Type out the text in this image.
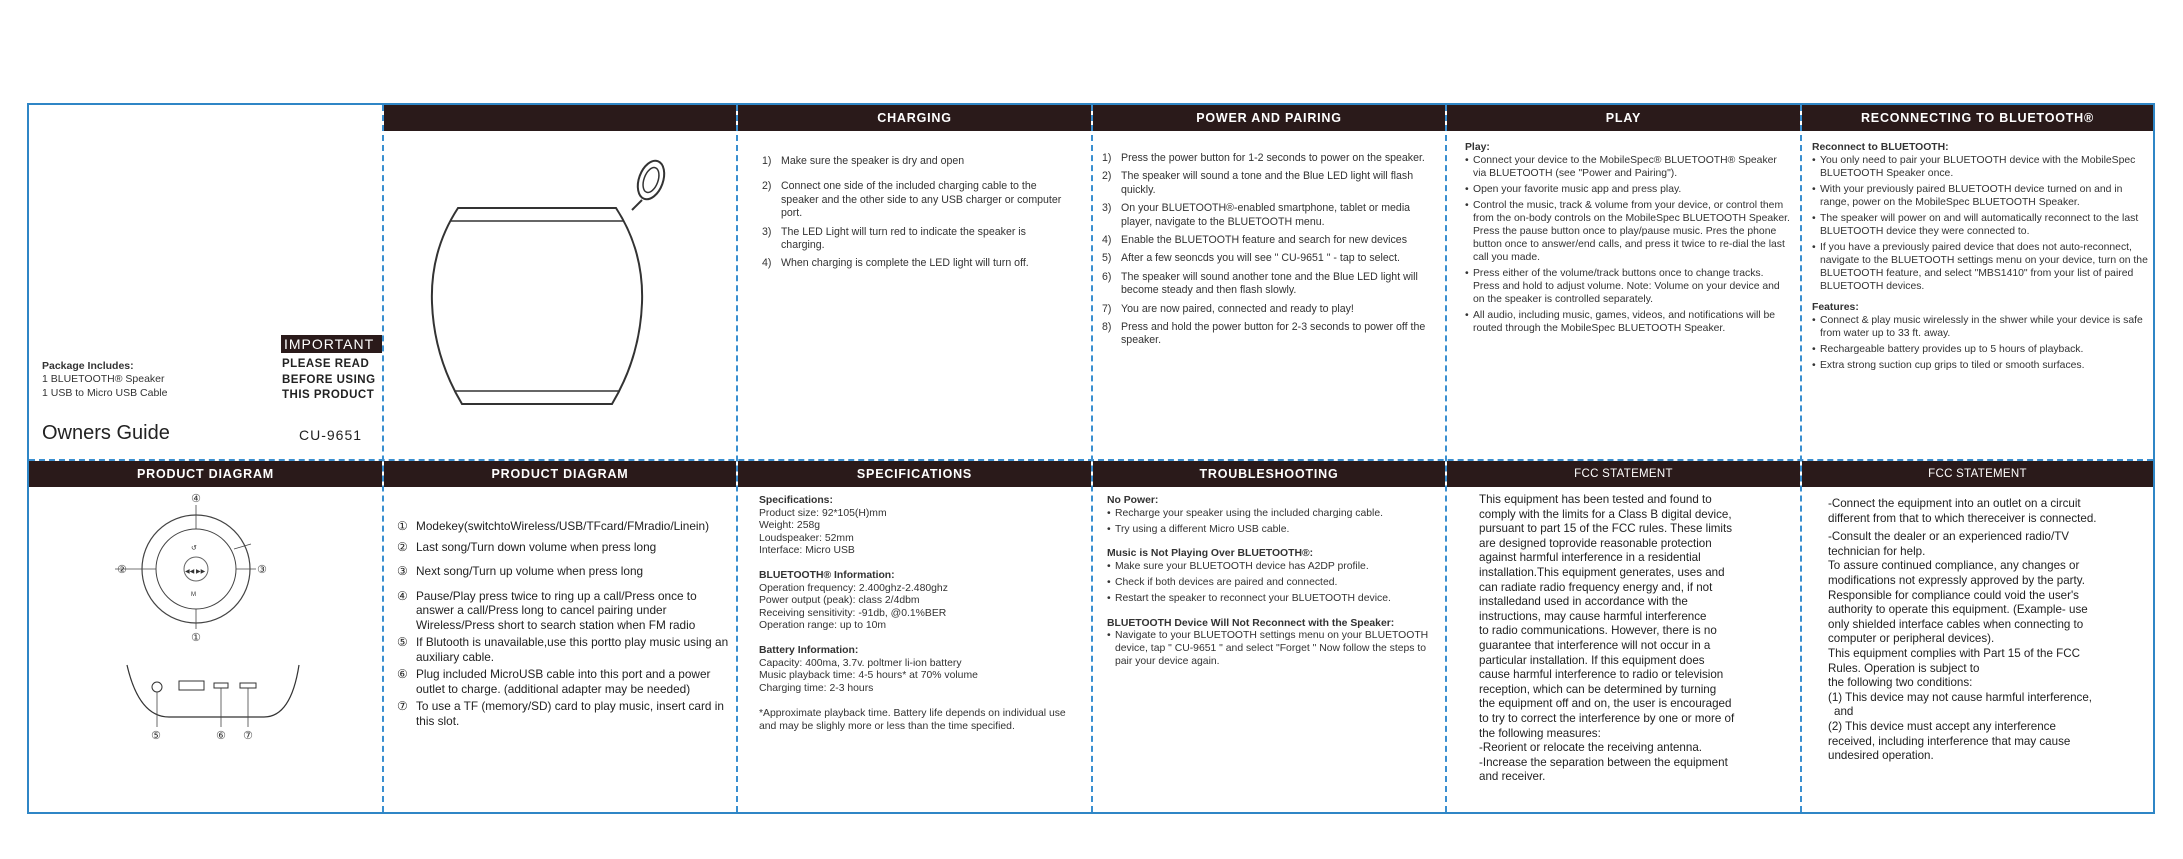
Package Includes:
1 BLUETOOTH® Speaker
1 USB to Micro USB Cable
IMPORTANT
PLEASE READ
BEFORE USING
THIS PRODUCT
Owners Guide	CU-9651
CHARGING
1) Make sure the speaker is dry and open
2) Connect one side of the included charging cable to the speaker and the other side to any USB charger or computer port.
3) The LED Light will turn red to indicate the speaker is charging.
4) When charging is complete the LED light will turn off.
POWER AND PAIRING
1) Press the power button for 1-2 seconds to power on the speaker.
2) The speaker will sound a tone and the Blue LED light will flash quickly.
3) On your BLUETOOTH®-enabled smartphone, tablet or media player, navigate to the BLUETOOTH menu.
4) Enable the BLUETOOTH feature and search for new devices
5) After a few seoncds you will see " CU-9651 " - tap to select.
6) The speaker will sound another tone and the Blue LED light will become steady and then flash slowly.
7) You are now paired, connected and ready to play!
8) Press and hold the power button for 2-3 seconds to power off the speaker.
PLAY
Play:
• Connect your device to the MobileSpec® BLUETOOTH® Speaker via BLUETOOTH (see "Power and Pairing").
• Open your favorite music app and press play.
• Control the music, track & volume from your device, or control them from the on-body controls on the MobileSpec BLUETOOTH Speaker. Press the pause button once to play/pause music. Pres the phone button once to answer/end calls, and press it twice to re-dial the last call you made.
• Press either of the volume/track buttons once to change tracks. Press and hold to adjust volume. Note: Volume on your device and on the speaker is controlled separately.
• All audio, including music, games, videos, and notifications will be routed through the MobileSpec BLUETOOTH Speaker.
RECONNECTING TO BLUETOOTH®
Reconnect to BLUETOOTH:
• You only need to pair your BLUETOOTH device with the MobileSpec BLUETOOTH Speaker once.
• With your previously paired BLUETOOTH device turned on and in range, power on the MobileSpec BLUETOOTH Speaker.
• The speaker will power on and will automatically reconnect to the last BLUETOOTH device they were connected to.
• If you have a previously paired device that does not auto-reconnect, navigate to the BLUETOOTH settings menu on your device, turn on the BLUETOOTH feature, and select "MBS1410" from your list of paired BLUETOOTH devices.
Features:
• Connect & play music wirelessly in the shwer while your device is safe from water up to 33 ft. away.
• Rechargeable battery provides up to 5 hours of playback.
• Extra strong suction cup grips to tiled or smooth surfaces.
PRODUCT DIAGRAM
◀◀ ▶▶
↺
M
④
②	③
①
⑤	⑥ ⑦
PRODUCT DIAGRAM
① Modekey(switchtoWireless/USB/TFcard/FMradio/Linein)
② Last song/Turn down volume when press long
③ Next song/Turn up volume when press long
④ Pause/Play press twice to ring up a call/Press once to answer a call/Press long to cancel pairing under Wireless/Press short to search station when FM radio
⑤ If Blutooth is unavailable,use this portto play music using an auxiliary cable.
⑥ Plug included MicroUSB cable into this port and a power outlet to charge. (additional adapter may be needed)
⑦ To use a TF (memory/SD) card to play music, insert card in this slot.
SPECIFICATIONS
Specifications:
Product size: 92*105(H)mm
Weight: 258g
Loudspeaker: 52mm
Interface: Micro USB
BLUETOOTH® Information:
Operation frequency: 2.400ghz-2.480ghz
Power output (peak): class 2/4dbm
Receiving sensitivity: -91db, @0.1%BER
Operation range: up to 10m
Battery Information:
Capacity: 400ma, 3.7v. poltmer li-ion battery
Music playback time: 4-5 hours* at 70% volume
Charging time: 2-3 hours
*Approximate playback time. Battery life depends on individual use and may be slighly more or less than the time specified.
TROUBLESHOOTING
No Power:
• Recharge your speaker using the included charging cable.
• Try using a different Micro USB cable.
Music is Not Playing Over BLUETOOTH®:
• Make sure your BLUETOOTH device has A2DP profile.
• Check if both devices are paired and connected.
• Restart the speaker to reconnect your BLUETOOTH device.
BLUETOOTH Device Will Not Reconnect with the Speaker:
• Navigate to your BLUETOOTH settings menu on your BLUETOOTH device, tap " CU-9651 " and select "Forget " Now follow the steps to pair your device again.
FCC STATEMENT
This equipment has been tested and found to
comply with the limits for a Class B digital device,
pursuant to part 15 of the FCC rules. These limits
are designed toprovide reasonable protection
against harmful interference in a residential
installation.This equipment generates, uses and
can radiate radio frequency energy and, if not
installedand used in accordance with the
instructions, may cause harmful interference
to radio communications. However, there is no
guarantee that interference will not occur in a
particular installation. If this equipment does
cause harmful interference to radio or television
reception, which can be determined by turning
the equipment off and on, the user is encouraged
to try to correct the interference by one or more of
the following measures:
-Reorient or relocate the receiving antenna.
-Increase the separation between the equipment
and receiver.
FCC STATEMENT
-Connect the equipment into an outlet on a circuit
different from that to which thereceiver is connected.
-Consult the dealer or an experienced radio/TV
technician for help.
To assure continued compliance, any changes or
modifications not expressly approved by the party.
Responsible for compliance could void the user's
authority to operate this equipment. (Example- use
only shielded interface cables when connecting to
computer or peripheral devices).
This equipment complies with Part 15 of the FCC
Rules. Operation is subject to
the following two conditions:
(1) This device may not cause harmful interference,
and
(2) This device must accept any interference
received, including interference that may cause
undesired operation.
